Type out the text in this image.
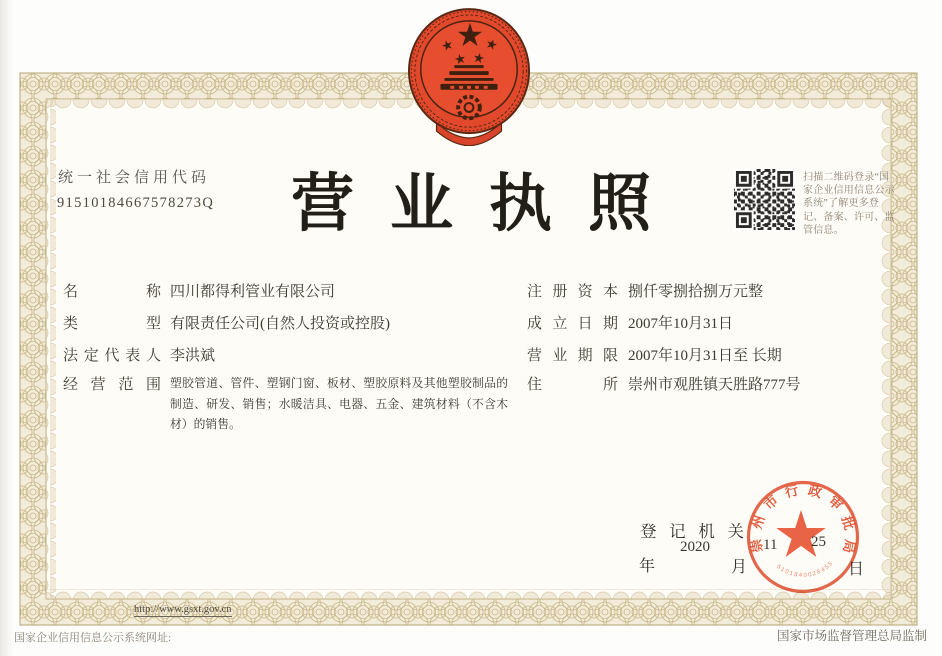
统一社会信用代码
91510184667578273Q	营业执照	扫描二维码登录“国家企业信用信息公示系统”了解更多登记、备案、许可、监管信息。
名	称 四川都得利管业有限公司
类	型 有限责任公司(自然人投资或控股)
法 定 代 表 人 李洪斌
经 营 范 围 塑胶管道、管件、塑钢门窗、板材、塑胶原料及其他塑胶制品的制造、研发、销售；水暖洁具、电器、五金、建筑材料（不含木材）的销售。
注 册 资 本 捌仟零捌拾捌万元整
成 立 日 期 2007年10月31日
营 业 期 限 2007年10月31日至 长期
住	所 崇州市观胜镇天胜路777号
登 记 机 关
2020	11 25
年	月	日
崇州市行政审批局
5101840028455
http://www.gsxt.gov.cn
国家企业信用信息公示系统网址:	国家市场监督管理总局监制
